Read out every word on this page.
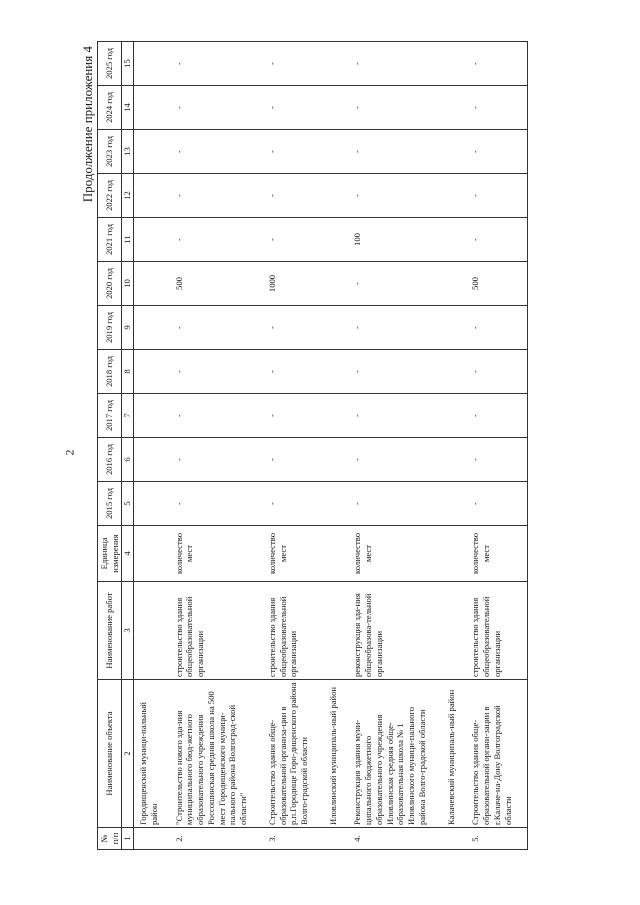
2
Продолжение приложения 4
№ п/п	Наименование объекта	Наименование работ	Единица измерения	2015 год	2016 год	2017 год	2018 год	2019 год	2020 год	2021 год	2022 год	2023 год	2024 год	2025 год
1	2	3	4	5	6	7	8	9	10	11	12	13	14	15
	Городищенский муници-пальный район													
2.	"Строительство нового зда-ния муниципального бюд-жетного образовательного учреждения Россошинская средняя школа на 500 мест Городищенского муници-пального района Волгоград-ской области"	строительство здания общеобразовательной организации	количество мест	-	-	-	-	-	500	-	-	-	-	-
3.	Строительство здания обще-образовательной организа-ции в р.п.Городище Горо-дищенского района Волго-градской области	строительство здания общеобразовательной организации	количество мест	-	-	-	-	-	1000	-	-	-	-	-
	Иловлинский муниципаль-ный район													
4.	Реконструкция здания муни-ципального бюджетного образовательного учреждения Иловлинская средняя обще-образовательная школа № 1 Иловлинского муници-пального района Волго-градской области	реконструкция зда-ния общеобразова-тельной организации	количество мест	-	-	-	-	-	-	100	-	-	-	-
	Калачевский муниципаль-ный район													
5.	Строительство здания обще-образовательной органи-зации в г.Калаче-на-Дону Волгоградской области	строительство здания общеобразовательной организации	количество мест	-	-	-	-	-	500	-	-	-	-	-
